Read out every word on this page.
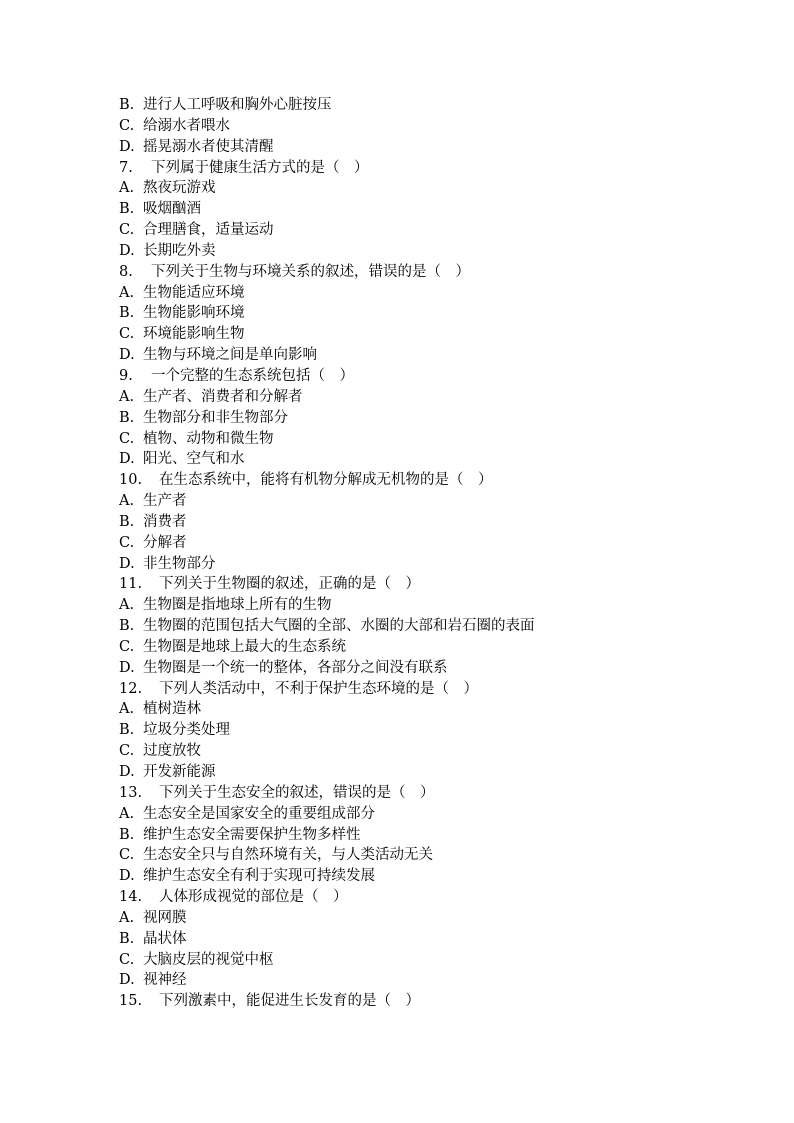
B. 进行人工呼吸和胸外心脏按压
C. 给溺水者喂水
D. 摇晃溺水者使其清醒
7. 下列属于健康生活方式的是（　）
A. 熬夜玩游戏
B. 吸烟酗酒
C. 合理膳食，适量运动
D. 长期吃外卖
8. 下列关于生物与环境关系的叙述，错误的是（　）
A. 生物能适应环境
B. 生物能影响环境
C. 环境能影响生物
D. 生物与环境之间是单向影响
9. 一个完整的生态系统包括（　）
A. 生产者、消费者和分解者
B. 生物部分和非生物部分
C. 植物、动物和微生物
D. 阳光、空气和水
10. 在生态系统中，能将有机物分解成无机物的是（　）
A. 生产者
B. 消费者
C. 分解者
D. 非生物部分
11. 下列关于生物圈的叙述，正确的是（　）
A. 生物圈是指地球上所有的生物
B. 生物圈的范围包括大气圈的全部、水圈的大部和岩石圈的表面
C. 生物圈是地球上最大的生态系统
D. 生物圈是一个统一的整体，各部分之间没有联系
12. 下列人类活动中，不利于保护生态环境的是（　）
A. 植树造林
B. 垃圾分类处理
C. 过度放牧
D. 开发新能源
13. 下列关于生态安全的叙述，错误的是（　）
A. 生态安全是国家安全的重要组成部分
B. 维护生态安全需要保护生物多样性
C. 生态安全只与自然环境有关，与人类活动无关
D. 维护生态安全有利于实现可持续发展
14. 人体形成视觉的部位是（　）
A. 视网膜
B. 晶状体
C. 大脑皮层的视觉中枢
D. 视神经
15. 下列激素中，能促进生长发育的是（　）
